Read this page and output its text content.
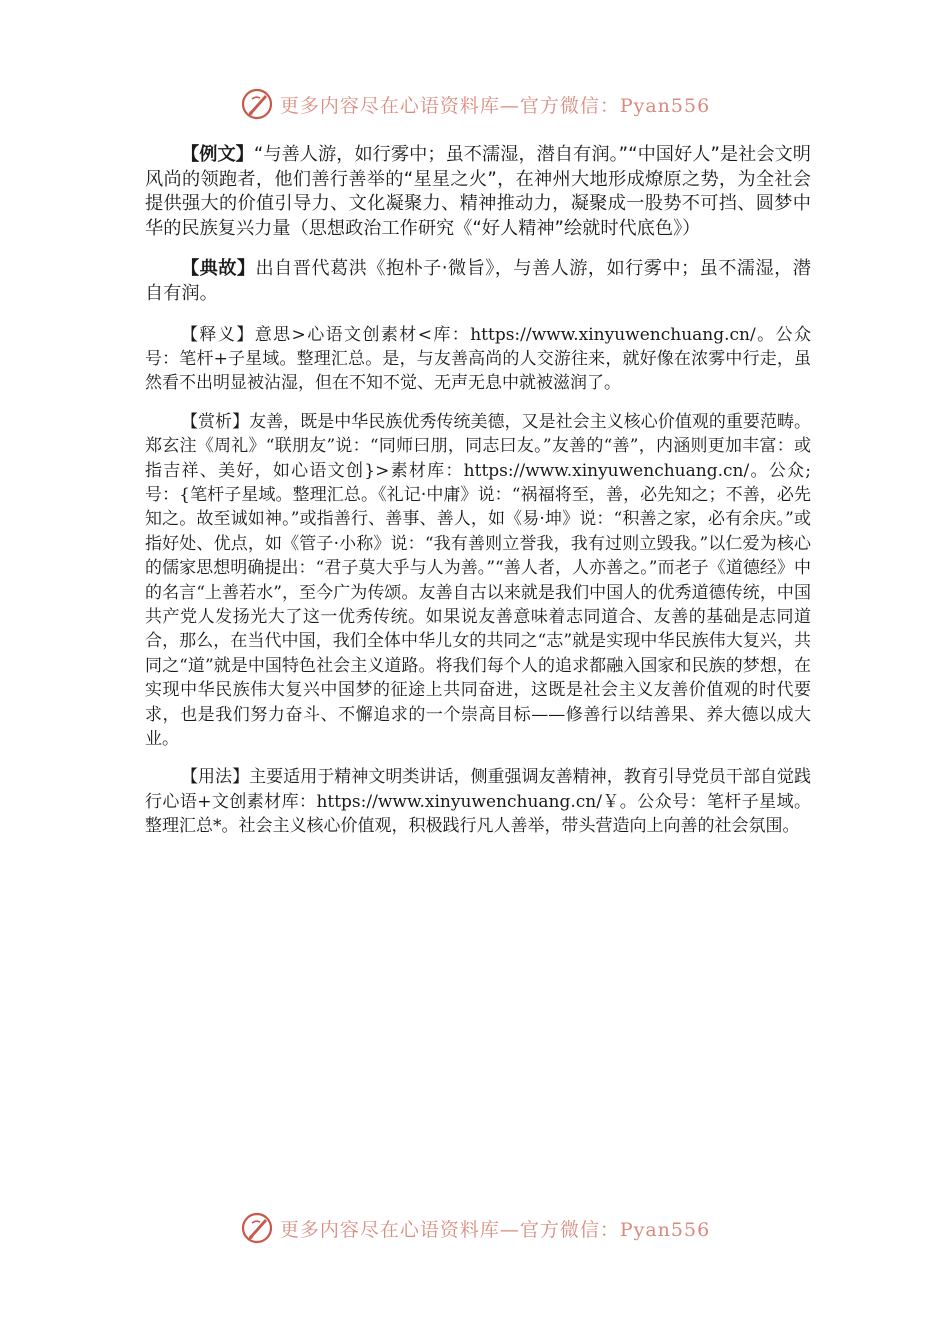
更多内容尽在心语资料库—官方微信：Pyan556

【例文】“与善人游，如行雾中；虽不濡湿，潜自有润。”“中国好人”是社会文明风尚的领跑者，他们善行善举的“星星之火”，在神州大地形成燎原之势，为全社会提供强大的价值引导力、文化凝聚力、精神推动力，凝聚成一股势不可挡、圆梦中华的民族复兴力量（思想政治工作研究《“好人精神”绘就时代底色》）

【典故】出自晋代葛洪《抱朴子·微旨》，与善人游，如行雾中；虽不濡湿，潜自有润。

【释义】意思>心语文创素材<库：https://www.xinyuwenchuang.cn/。公众号：笔杆+子星域。整理汇总。是，与友善高尚的人交游往来，就好像在浓雾中行走，虽然看不出明显被沾湿，但在不知不觉、无声无息中就被滋润了。

【赏析】友善，既是中华民族优秀传统美德，又是社会主义核心价值观的重要范畴。郑玄注《周礼》“联朋友”说：“同师曰朋，同志曰友。”友善的“善”，内涵则更加丰富：或指吉祥、美好，如心语文创}>素材库：https://www.xinyuwenchuang.cn/。公众;号：{笔杆子星域。整理汇总。《礼记·中庸》说：“祸福将至，善，必先知之；不善，必先知之。故至诚如神。”或指善行、善事、善人，如《易·坤》说：“积善之家，必有余庆。”或指好处、优点，如《管子·小称》说：“我有善则立誉我，我有过则立毁我。”以仁爱为核心的儒家思想明确提出：“君子莫大乎与人为善。”“善人者，人亦善之。”而老子《道德经》中的名言“上善若水”，至今广为传颂。友善自古以来就是我们中国人的优秀道德传统，中国共产党人发扬光大了这一优秀传统。如果说友善意味着志同道合、友善的基础是志同道合，那么，在当代中国，我们全体中华儿女的共同之“志”就是实现中华民族伟大复兴，共同之“道”就是中国特色社会主义道路。将我们每个人的追求都融入国家和民族的梦想，在实现中华民族伟大复兴中国梦的征途上共同奋进，这既是社会主义友善价值观的时代要求，也是我们努力奋斗、不懈追求的一个崇高目标——修善行以结善果、养大德以成大业。

【用法】主要适用于精神文明类讲话，侧重强调友善精神，教育引导党员干部自觉践行心语+文创素材库：https://www.xinyuwenchuang.cn/￥。公众号：笔杆子星域。整理汇总*。社会主义核心价值观，积极践行凡人善举，带头营造向上向善的社会氛围。

更多内容尽在心语资料库—官方微信：Pyan556
